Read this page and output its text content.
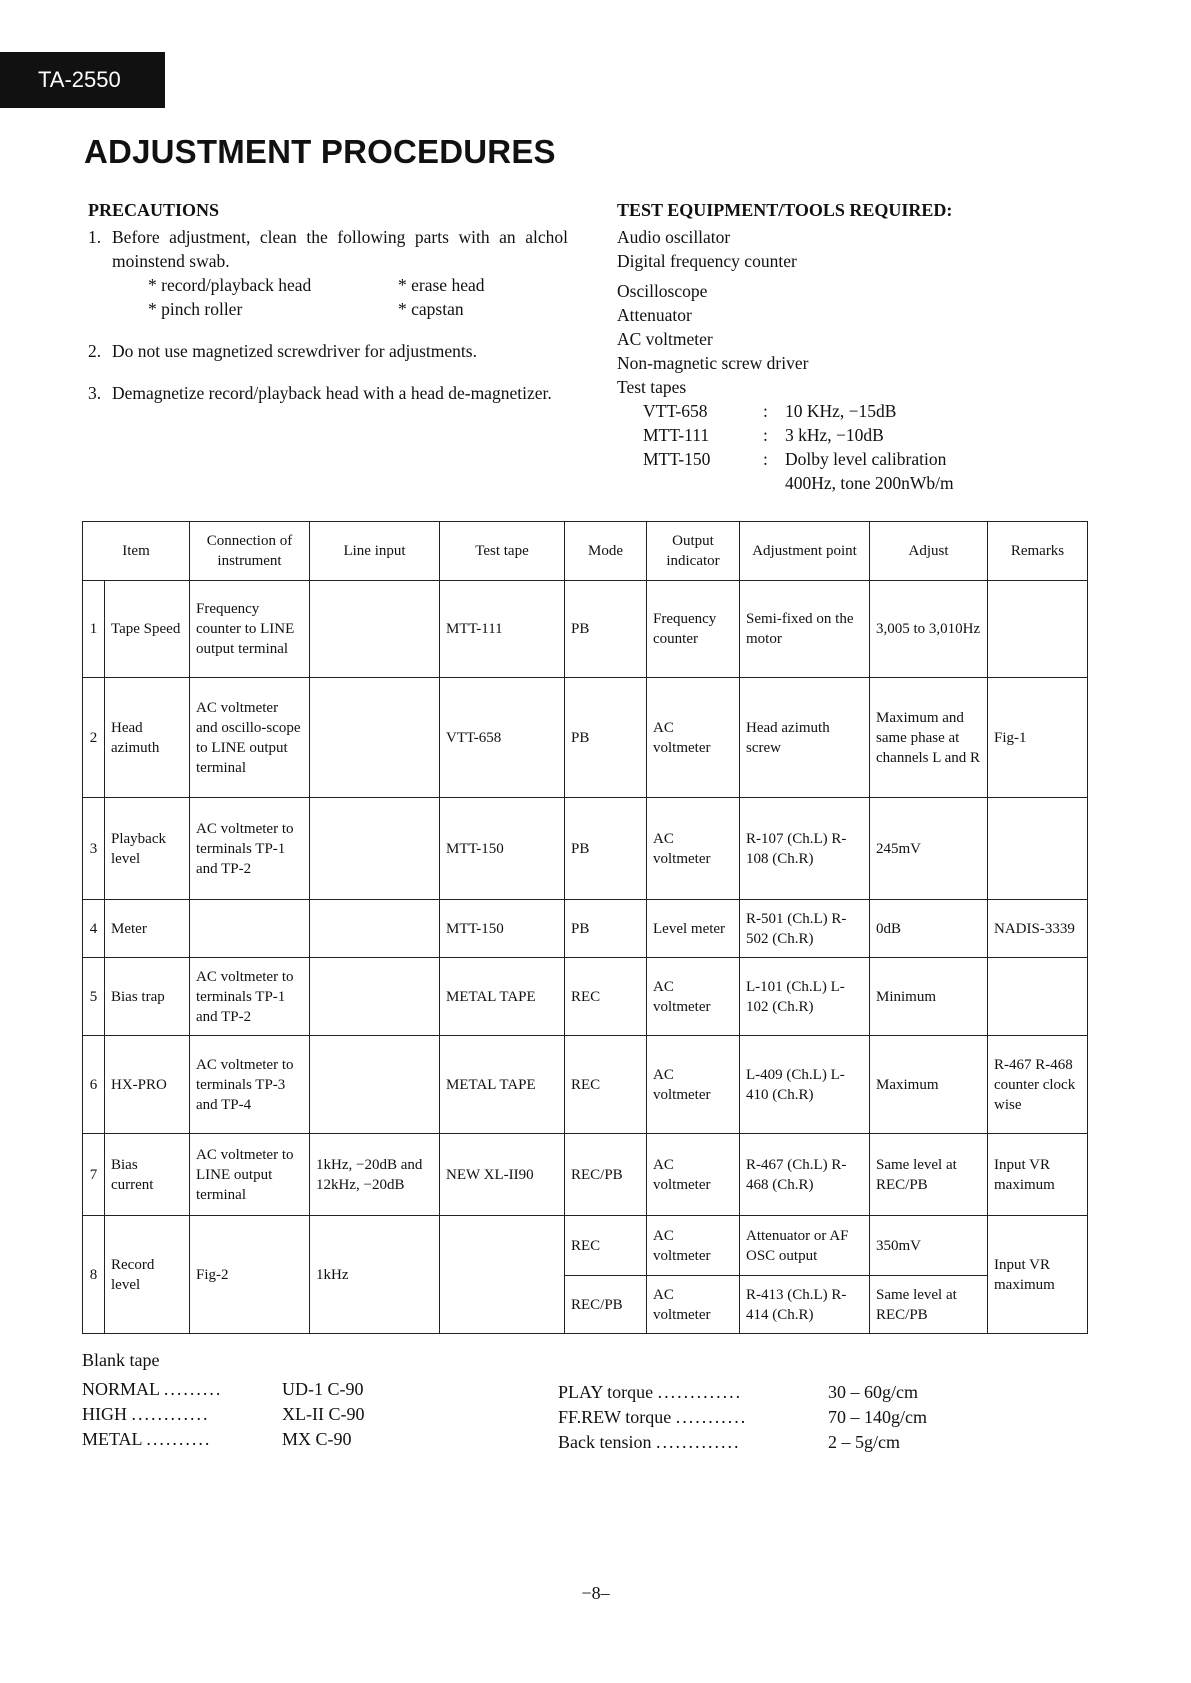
TA-2550
ADJUSTMENT PROCEDURES
PRECAUTIONS
1. Before adjustment, clean the following parts with an alchol moinstend swab.
* record/playback head	* erase head
* pinch roller	* capstan
2. Do not use magnetized screwdriver for adjustments.
3. Demagnetize record/playback head with a head de-magnetizer.
TEST EQUIPMENT/TOOLS REQUIRED:
Audio oscillator
Digital frequency counter
Oscilloscope
Attenuator
AC voltmeter
Non-magnetic screw driver
Test tapes
VTT-658	: 10 KHz, −15dB
MTT-111	: 3 kHz, −10dB
MTT-150	: Dolby level calibration
400Hz, tone 200nWb/m
Item		Connection of instrument	Line input	Test tape	Mode	Output indicator	Adjustment point	Adjust	Remarks
1	Tape Speed	Frequency counter to LINE output terminal		MTT-111	PB	Frequency counter	Semi-fixed on the motor	3,005 to 3,010Hz	
2	Head azimuth	AC voltmeter and oscillo-scope to LINE output terminal		VTT-658	PB	AC voltmeter	Head azimuth screw	Maximum and same phase at channels L and R	Fig-1
3	Playback level	AC voltmeter to terminals TP-1 and TP-2		MTT-150	PB	AC voltmeter	R-107 (Ch.L) R-108 (Ch.R)	245mV	
4	Meter			MTT-150	PB	Level meter	R-501 (Ch.L) R-502 (Ch.R)	0dB	NADIS-3339
5	Bias trap	AC voltmeter to terminals TP-1 and TP-2		METAL TAPE	REC	AC voltmeter	L-101 (Ch.L) L-102 (Ch.R)	Minimum	
6	HX-PRO	AC voltmeter to terminals TP-3 and TP-4		METAL TAPE	REC	AC voltmeter	L-409 (Ch.L) L-410 (Ch.R)	Maximum	R-467 R-468 counter clock wise
7	Bias current	AC voltmeter to LINE output terminal	1kHz, −20dB and 12kHz, −20dB	NEW XL-II90	REC/PB	AC voltmeter	R-467 (Ch.L) R-468 (Ch.R)	Same level at REC/PB	Input VR maximum
8	Record level	Fig-2	1kHz		REC	AC voltmeter	Attenuator or AF OSC output	350mV	Input VR maximum
					REC/PB	AC voltmeter	R-413 (Ch.L) R-414 (Ch.R)	Same level at REC/PB	
Blank tape
NORMAL .........	UD-1 C-90
HIGH ............	XL-II C-90
METAL ..........	MX C-90
PLAY torque .............	30 – 60g/cm
FF.REW torque ...........	70 – 140g/cm
Back tension .............	2 – 5g/cm
−8–
